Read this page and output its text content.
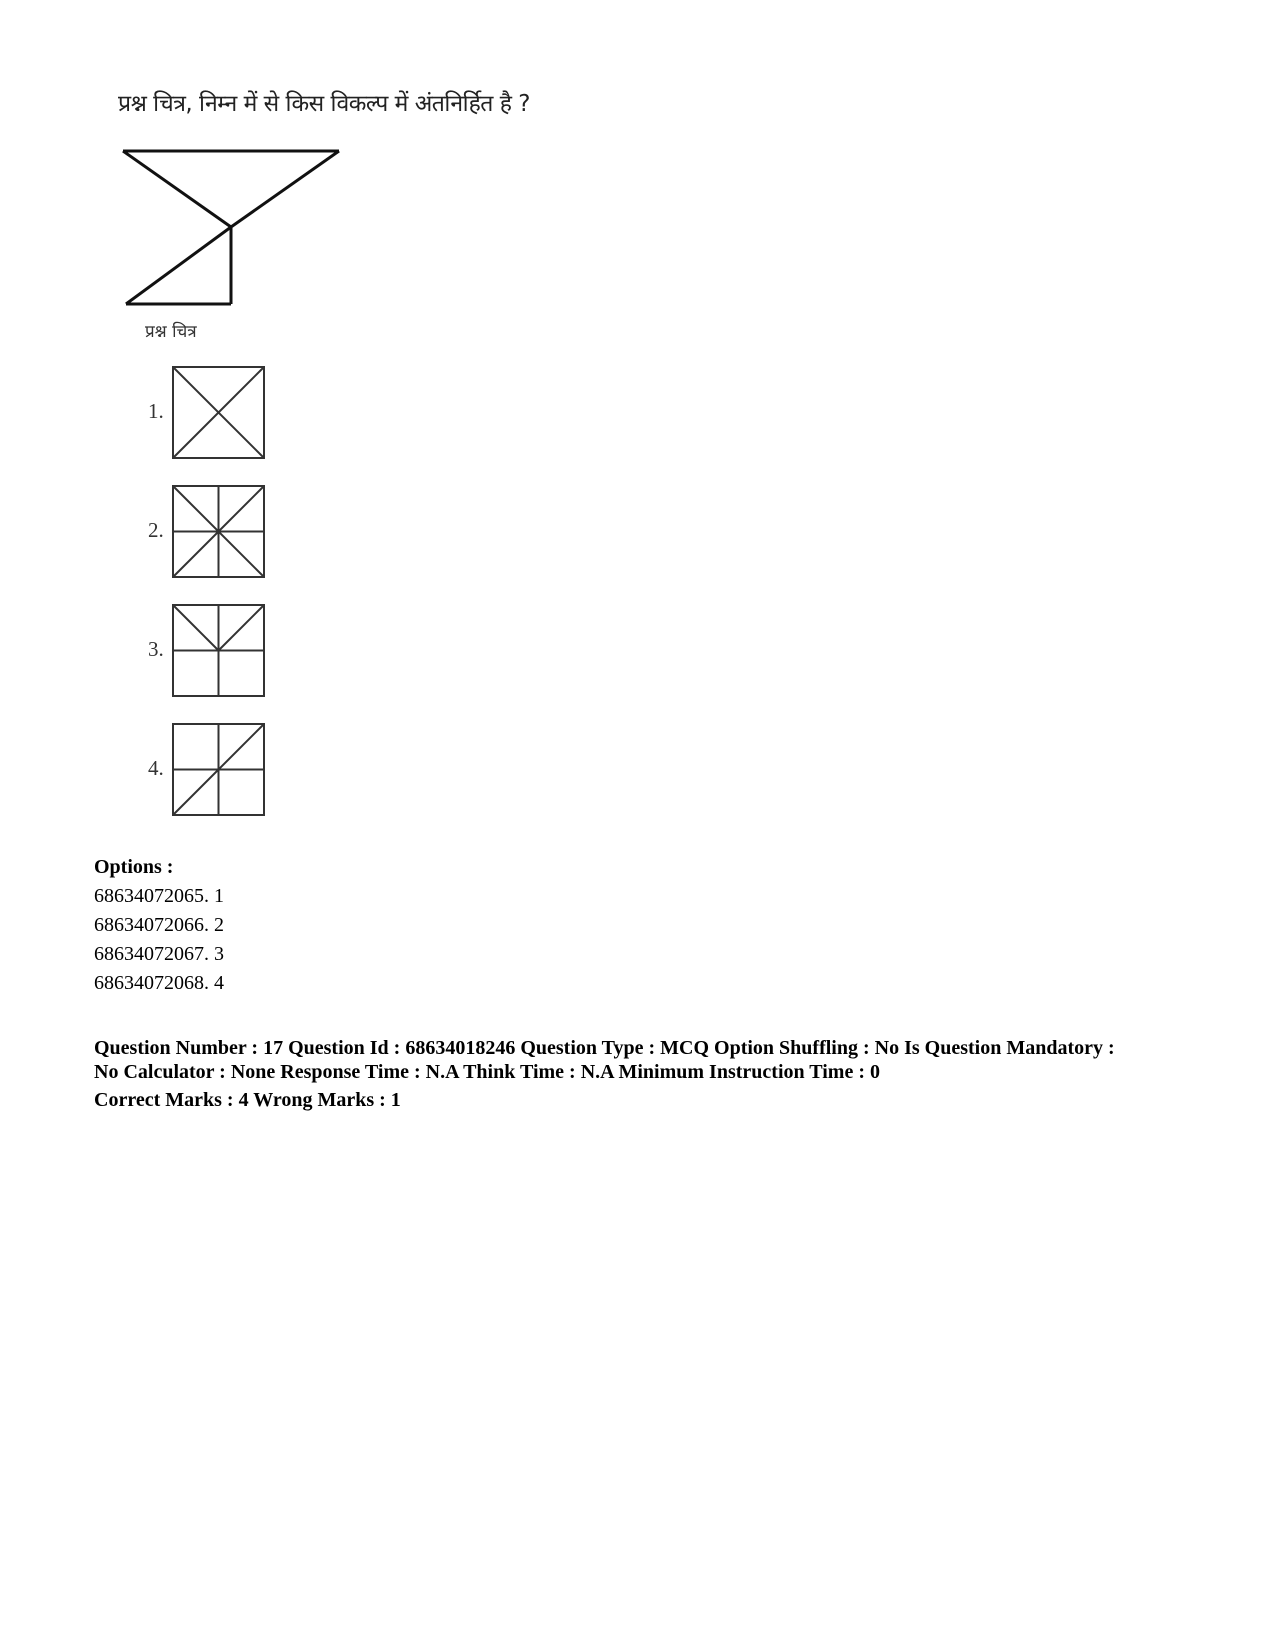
प्रश्न चित्र, निम्न में से किस विकल्प में अंतनिर्हित है ?
प्रश्न चित्र
1.
2.
3.
4.
Options :
68634072065. 1
68634072066. 2
68634072067. 3
68634072068. 4
Question Number : 17 Question Id : 68634018246 Question Type : MCQ Option Shuffling : No Is Question Mandatory :
No Calculator : None Response Time : N.A Think Time : N.A Minimum Instruction Time : 0
Correct Marks : 4 Wrong Marks : 1
